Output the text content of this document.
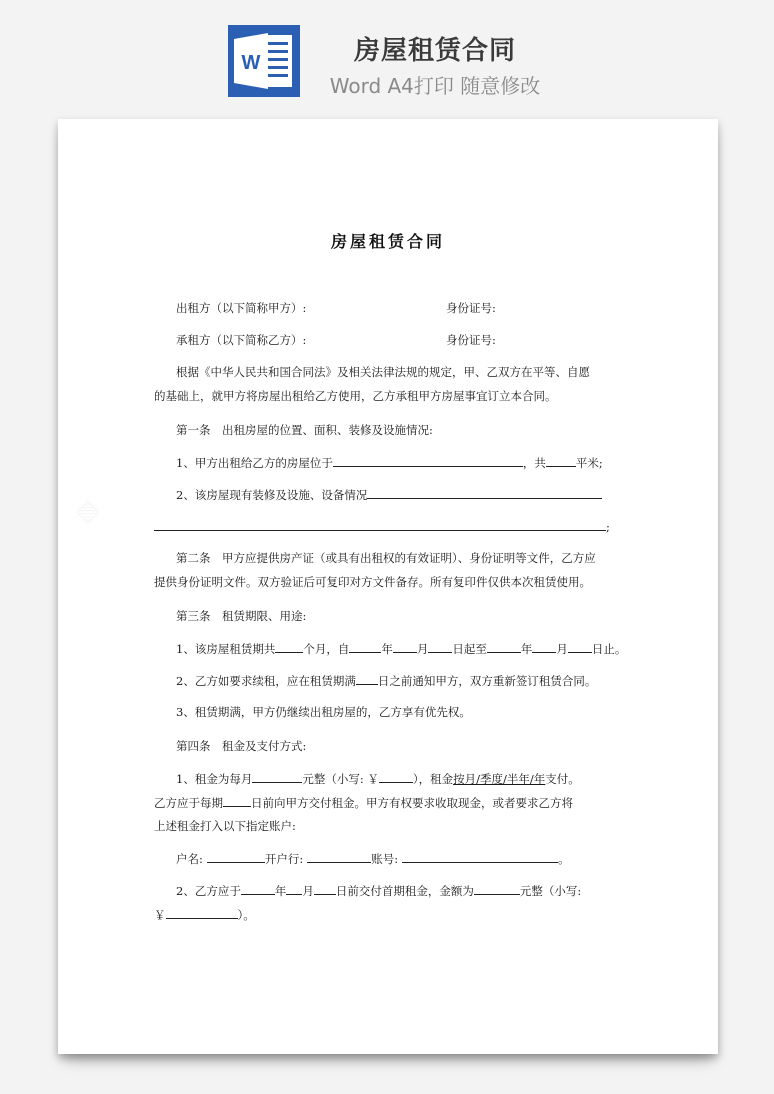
W	房屋租赁合同
Word A4打印 随意修改
房屋租赁合同
出租方（以下简称甲方）:	身份证号:
承租方（以下简称乙方）:	身份证号:
根据《中华人民共和国合同法》及相关法律法规的规定，甲、乙双方在平等、自愿
的基础上，就甲方将房屋出租给乙方使用，乙方承租甲方房屋事宜订立本合同。
第一条　出租房屋的位置、面积、装修及设施情况:
1、甲方出租给乙方的房屋位于	，共	平米;
2、该房屋现有装修及设施、设备情况
;
第二条　甲方应提供房产证（或具有出租权的有效证明）、身份证明等文件，乙方应
提供身份证明文件。双方验证后可复印对方文件备存。所有复印件仅供本次租赁使用。
第三条　租赁期限、用途:
1、该房屋租赁期共 个月，自	年 月 日起至	年 月 日止。
2、乙方如要求续租，应在租赁期满 日之前通知甲方，双方重新签订租赁合同。
3、租赁期满，甲方仍继续出租房屋的，乙方享有优先权。
第四条　租金及支付方式:
1、租金为每月	元整（小写: ￥	），租金按月/季度/半年/年支付。
乙方应于每期 日前向甲方交付租金。甲方有权要求收取现金，或者要求乙方将
上述租金打入以下指定账户:
户名:	开户行:	账号:	。
2、乙方应于	年 月 日前交付首期租金，金额为	元整（小写:
￥	）。
